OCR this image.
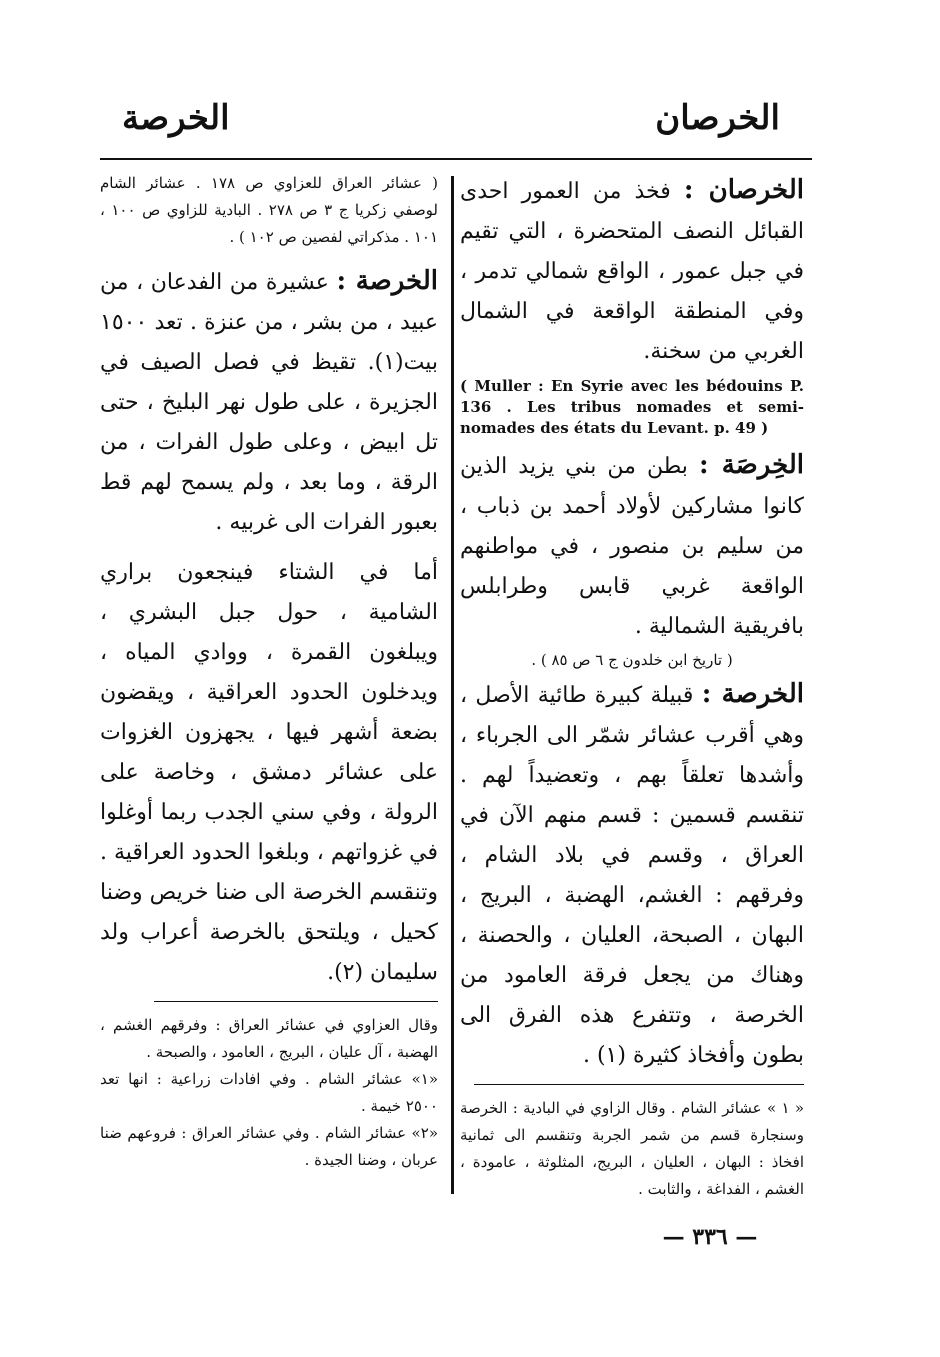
الخرصان
الخرصة

الخرصان : فخذ من العمور احدى القبائل النصف المتحضرة ، التي تقيم في جبل عمور ، الواقع شمالي تدمر ، وفي المنطقة الواقعة في الشمال الغربي من سخنة.

( Muller : En Syrie avec les bédouins P. 136 . Les tribus nomades et semi-nomades des états du Levant. p. 49 )

الخِرصَة : بطن من بني يزيد الذين كانوا مشاركين لأولاد أحمد بن ذباب ، من سليم بن منصور ، في مواطنهم الواقعة غربي قابس وطرابلس بافريقية الشمالية .

( تاريخ ابن خلدون ج ٦ ص ٨٥ ) .

الخرصة : قبيلة كبيرة طائية الأصل ، وهي أقرب عشائر شمّر الى الجرباء ، وأشدها تعلقاً بهم ، وتعضيداً لهم . تنقسم قسمين : قسم منهم الآن في العراق ، وقسم في بلاد الشام ، وفرقهم : الغشم، الهضبة ، البريج ، البهان ، الصبحة، العليان ، والحصنة ، وهناك من يجعل فرقة العامود من الخرصة ، وتتفرع هذه الفرق الى بطون وأفخاذ كثيرة (١) .

« ١ » عشائر الشام . وقال الزاوي في البادية : الخرصة وسنجارة قسم من شمر الجربة وتنقسم الى ثمانية افخاذ : البهان ، العليان ، البريج، المثلوثة ، عامودة ، الغشم ، الفداغة ، والثابت .

( عشائر العراق للعزاوي ص ١٧٨ . عشائر الشام لوصفي زكريا ج ٣ ص ٢٧٨ . البادية للزاوي ص ١٠٠ ، ١٠١ . مذكراتي لفصين ص ١٠٢ ) .

الخرصة : عشيرة من الفدعان ، من عبيد ، من بشر ، من عنزة . تعد ١٥٠٠ بيت(١). تقيظ في فصل الصيف في الجزيرة ، على طول نهر البليخ ، حتى تل ابيض ، وعلى طول الفرات ، من الرقة ، وما بعد ، ولم يسمح لهم قط بعبور الفرات الى غربيه .

أما في الشتاء فينجعون براري الشامية ، حول جبل البشري ، ويبلغون القمرة ، ووادي المياه ، ويدخلون الحدود العراقية ، ويقضون بضعة أشهر فيها ، يجهزون الغزوات على عشائر دمشق ، وخاصة على الرولة ، وفي سني الجدب ربما أوغلوا في غزواتهم ، وبلغوا الحدود العراقية . وتنقسم الخرصة الى ضنا خريص وضنا كحيل ، ويلتحق بالخرصة أعراب ولد سليمان (٢).

وقال العزاوي في عشائر العراق : وفرقهم الغشم ، الهضبة ، آل عليان ، البريج ، العامود ، والصبحة .

«١» عشائر الشام . وفي افادات زراعية : انها تعد ٢٥٠٠ خيمة .

«٢» عشائر الشام . وفي عشائر العراق : فروعهم ضنا عربان ، وضنا الجيدة .

— ٣٣٦ —
